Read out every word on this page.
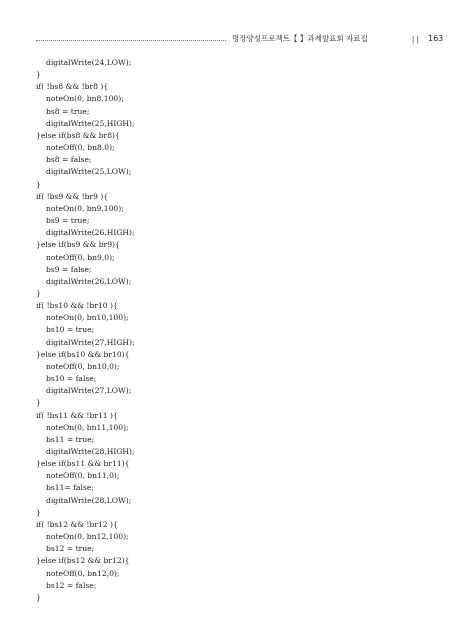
명장양성프로젝트【 】과제발표회 자료집	ǀ ǀ 163
digitalWrite(24,LOW);
}
if( !bs8 && !br8 ){
noteOn(0, bn8,100);
bs8 = true;
digitalWrite(25,HIGH);
}else if(bs8 && br8){
noteOff(0, bn8,0);
bs8 = false;
digitalWrite(25,LOW);
}
if( !bs9 && !br9 ){
noteOn(0, bn9,100);
bs9 = true;
digitalWrite(26,HIGH);
}else if(bs9 && br9){
noteOff(0, bn9,0);
bs9 = false;
digitalWrite(26,LOW);
}
if( !bs10 && !br10 ){
noteOn(0, bn10,100);
bs10 = true;
digitalWrite(27,HIGH);
}else if(bs10 && br10){
noteOff(0, bn10,0);
bs10 = false;
digitalWrite(27,LOW);
}
if( !bs11 && !br11 ){
noteOn(0, bn11,100);
bs11 = true;
digitalWrite(28,HIGH);
}else if(bs11 && br11){
noteOff(0, bn11,0);
bs11= false;
digitalWrite(28,LOW);
}
if( !bs12 && !br12 ){
noteOn(0, bn12,100);
bs12 = true;
}else if(bs12 && br12){
noteOff(0, bn12,0);
bs12 = false;
}
